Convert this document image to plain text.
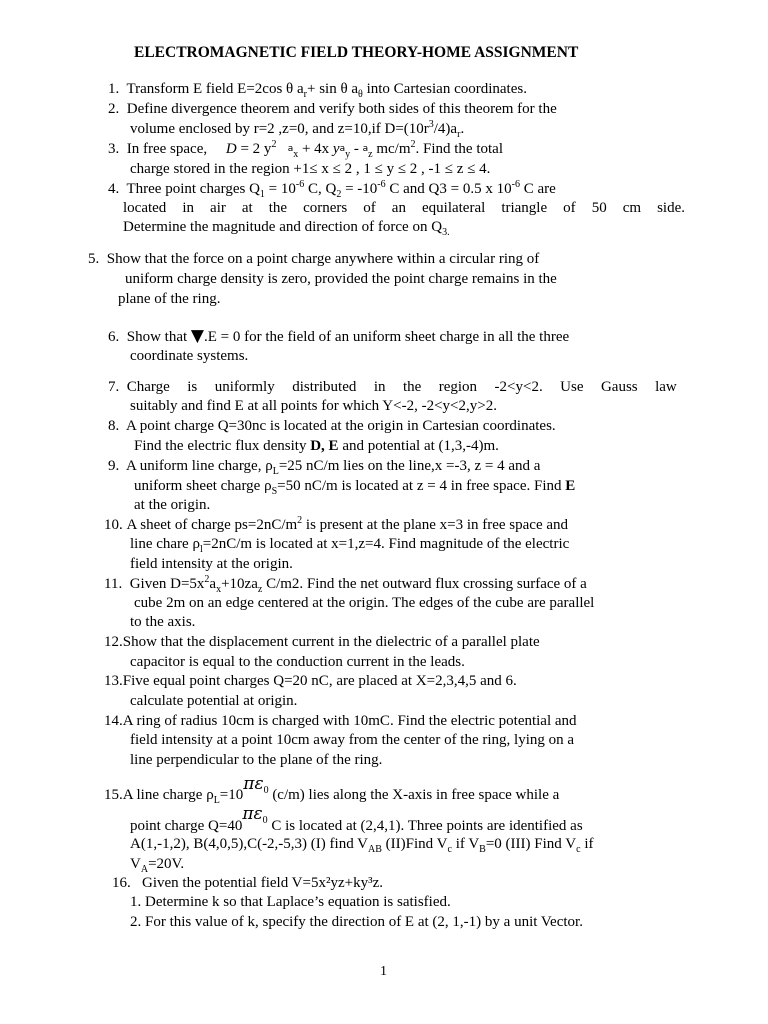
ELECTROMAGNETIC FIELD THEORY-HOME ASSIGNMENT
1. Transform E field E=2cos θ $a_r+ \sin \theta$ $a_\theta$ into Cartesian coordinates.
2. Define divergence theorem and verify both sides of this theorem for the
volume enclosed by r=2 ,z=0, and z=10,if $D=(10r^3/4)a_r$.
3. In free space,     D = 2 $y^2$ $a_x + 4x$ $ya_y - a_z$ $mc/m^2$. Find the total
charge stored in the region +1≤ x ≤ 2 , 1 ≤ y ≤ 2 , -1 ≤ z ≤ 4.
4. Three point charges $Q_1 = 10^{-6}$ C, $Q_2 = -10^{-6}$ C and Q3 = 0.5 x $10^{-6}$ C are
located in air at the corners of an equilateral triangle of 50 cm side.
Determine the magnitude and direction of force on $Q_{3.}$
5. Show that the force on a point charge anywhere within a circular ring of
uniform charge density is zero, provided the point charge remains in the
plane of the ring.
6. Show that ▼.E = 0 for the field of an uniform sheet charge in all the three
coordinate systems.
7. Charge is uniformly distributed in the region -2<y<2. Use Gauss law
suitably and find E at all points for which Y<-2, -2<y<2,y>2.
8. A point charge Q=30nc is located at the origin in Cartesian coordinates.
Find the electric flux density D, E and potential at (1,3,-4)m.
9. A uniform line charge, $\rho_L=25$ nC/m lies on the line,x =-3, z = 4 and a
uniform sheet charge $\rho_S=50$ nC/m is located at z = 4 in free space. Find E
at the origin.
10. A sheet of charge $ps=2nC/m^2$ is present at the plane x=3 in free space and
line chare $\rho_l=2nC/m$ is located at x=1,z=4. Find magnitude of the electric
field intensity at the origin.
11. Given $D=5x^2a_x+10za_z$ C/m2. Find the net outward flux crossing surface of a
cube 2m on an edge centered at the origin. The edges of the cube are parallel
to the axis.
12.Show that the displacement current in the dielectric of a parallel plate
capacitor is equal to the conduction current in the leads.
13.Five equal point charges Q=20 nC, are placed at X=2,3,4,5 and 6.
calculate potential at origin.
14.A ring of radius 10cm is charged with 10mC. Find the electric potential and
field intensity at a point 10cm away from the center of the ring, lying on a
line perpendicular to the plane of the ring.
15.A line charge $\rho_L=10\pi\varepsilon_0$ (c/m) lies along the X-axis in free space while a
point charge $Q=40\pi\varepsilon_0$ C is located at (2,4,1). Three points are identified as
A(1,-1,2), B(4,0,5),C(-2,-5,3) (I) find $V_{AB}$ (II)Find $V_c$ if $V_B=0$ (III) Find $V_c$ if
$V_A=20V$.
16. Given the potential field V=5x²yz+ky³z.
1. Determine k so that Laplace’s equation is satisfied.
2. For this value of k, specify the direction of E at (2, 1,-1) by a unit Vector.
1
